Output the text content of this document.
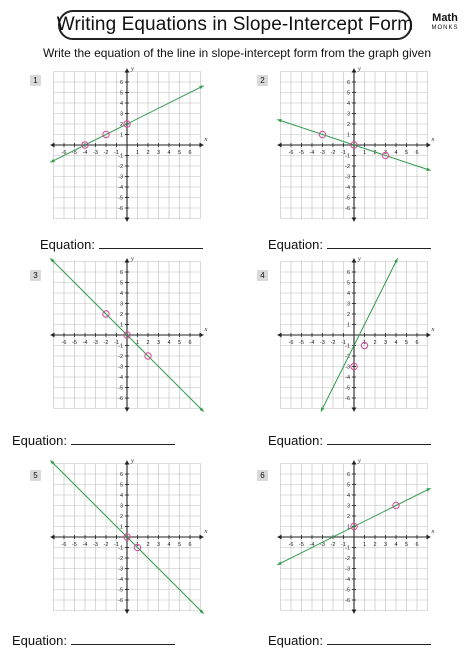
Writing Equations in Slope-Intercept Form	Math
MONKS
Write the equation of the line in slope-intercept form from the graph given
1
-6
-6
-5
-5
-4
-4
-3
-3
-2
-2
-1
-1
1
1
2
2
3
3
4
4
5
5
6
6
x
y
Equation:
2
-6
-6
-5
-5
-4
-4
-3
-3
-2
-2
-1
-1
1
1
2
2
3
3
4
4
5
5
6
6
x
y
Equation:
3
-6
-6
-5
-5
-4
-4
-3
-3
-2
-2
-1
-1
1
1
2
2
3
3
4
4
5
5
6
6
x
y
Equation:
4
-6
-6
-5
-5
-4
-4
-3
-3
-2
-2
-1
-1
1
1
2
2
3
3
4
4
5
5
6
6
x
y
Equation:
5
-6
-6
-5
-5
-4
-4
-3
-3
-2
-2
-1
-1
1
1
2
2
3
3
4
4
5
5
6
6
x
y
Equation:
6
-6
-6
-5
-5
-4
-4
-3
-3
-2
-2
-1
-1
1
1
2
2
3
3
4
4
5
5
6
6
x
y
Equation:
